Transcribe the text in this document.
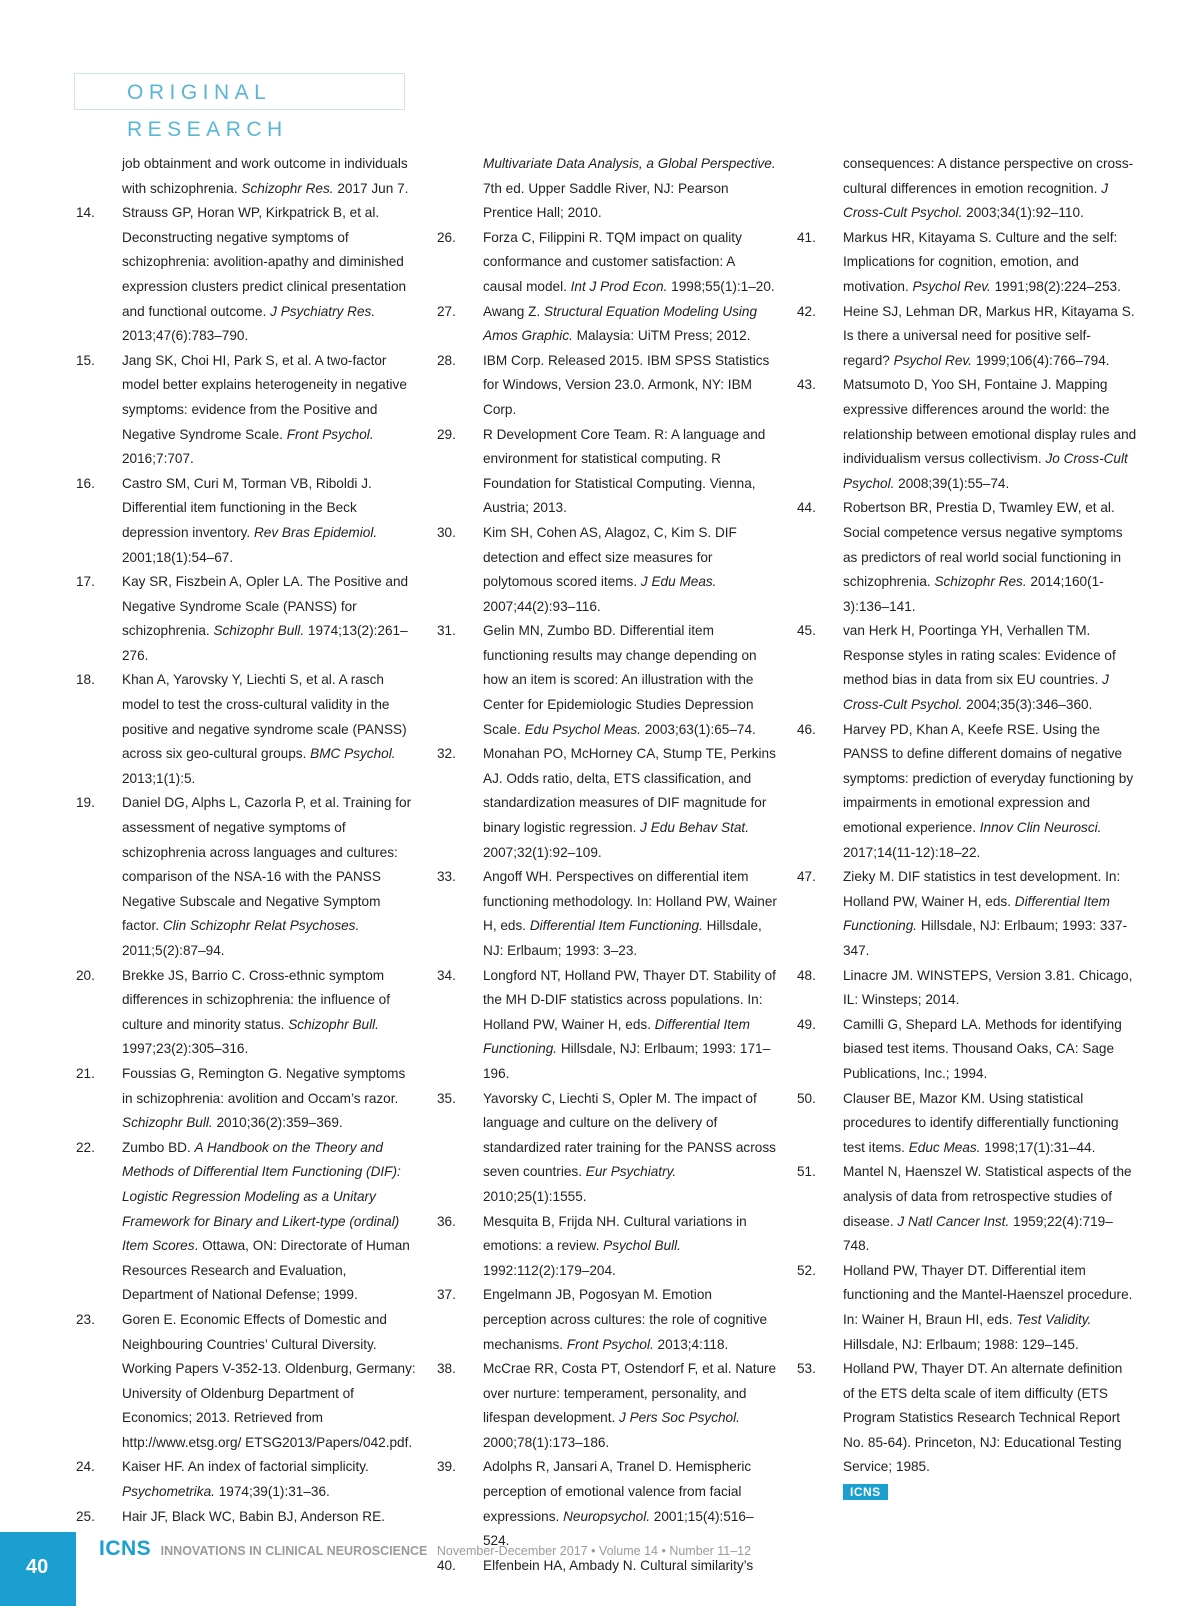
ORIGINAL RESEARCH

job obtainment and work outcome in individuals with schizophrenia. Schizophr Res. 2017 Jun 7.

14.	Strauss GP, Horan WP, Kirkpatrick B, et al. Deconstructing negative symptoms of schizophrenia: avolition-apathy and diminished expression clusters predict clinical presentation and functional outcome. J Psychiatry Res. 2013;47(6):783–790.

15.	Jang SK, Choi HI, Park S, et al. A two-factor model better explains heterogeneity in negative symptoms: evidence from the Positive and Negative Syndrome Scale. Front Psychol. 2016;7:707.

16.	Castro SM, Curi M, Torman VB, Riboldi J. Differential item functioning in the Beck depression inventory. Rev Bras Epidemiol. 2001;18(1):54–67.

17.	Kay SR, Fiszbein A, Opler LA. The Positive and Negative Syndrome Scale (PANSS) for schizophrenia. Schizophr Bull. 1974;13(2):261–276.

18.	Khan A, Yarovsky Y, Liechti S, et al. A rasch model to test the cross-cultural validity in the positive and negative syndrome scale (PANSS) across six geo-cultural groups. BMC Psychol. 2013;1(1):5.

19.	Daniel DG, Alphs L, Cazorla P, et al. Training for assessment of negative symptoms of schizophrenia across languages and cultures: comparison of the NSA-16 with the PANSS Negative Subscale and Negative Symptom factor. Clin Schizophr Relat Psychoses. 2011;5(2):87–94.

20.	Brekke JS, Barrio C. Cross-ethnic symptom differences in schizophrenia: the influence of culture and minority status. Schizophr Bull. 1997;23(2):305–316.

21.	Foussias G, Remington G. Negative symptoms in schizophrenia: avolition and Occam’s razor. Schizophr Bull. 2010;36(2):359–369.

22.	Zumbo BD. A Handbook on the Theory and Methods of Differential Item Functioning (DIF): Logistic Regression Modeling as a Unitary Framework for Binary and Likert-type (ordinal) Item Scores. Ottawa, ON: Directorate of Human Resources Research and Evaluation, Department of National Defense; 1999.

23.	Goren E. Economic Effects of Domestic and Neighbouring Countries’ Cultural Diversity. Working Papers V-352-13. Oldenburg, Germany: University of Oldenburg Department of Economics; 2013. Retrieved from http://www.etsg.org/ ETSG2013/Papers/042.pdf.

24.	Kaiser HF. An index of factorial simplicity. Psychometrika. 1974;39(1):31–36.

25.	Hair JF, Black WC, Babin BJ, Anderson RE.

Multivariate Data Analysis, a Global Perspective. 7th ed. Upper Saddle River, NJ: Pearson Prentice Hall; 2010.

26.	Forza C, Filippini R. TQM impact on quality conformance and customer satisfaction: A causal model. Int J Prod Econ. 1998;55(1):1–20.

27.	Awang Z. Structural Equation Modeling Using Amos Graphic. Malaysia: UiTM Press; 2012.

28.	IBM Corp. Released 2015. IBM SPSS Statistics for Windows, Version 23.0. Armonk, NY: IBM Corp.

29.	R Development Core Team. R: A language and environment for statistical computing. R Foundation for Statistical Computing. Vienna, Austria; 2013.

30.	Kim SH, Cohen AS, Alagoz, C, Kim S. DIF detection and effect size measures for polytomous scored items. J Edu Meas. 2007;44(2):93–116.

31.	Gelin MN, Zumbo BD. Differential item functioning results may change depending on how an item is scored: An illustration with the Center for Epidemiologic Studies Depression Scale. Edu Psychol Meas. 2003;63(1):65–74.

32.	Monahan PO, McHorney CA, Stump TE, Perkins AJ. Odds ratio, delta, ETS classification, and standardization measures of DIF magnitude for binary logistic regression. J Edu Behav Stat. 2007;32(1):92–109.

33.	Angoff WH. Perspectives on differential item functioning methodology. In: Holland PW, Wainer H, eds. Differential Item Functioning. Hillsdale, NJ: Erlbaum; 1993: 3–23.

34.	Longford NT, Holland PW, Thayer DT. Stability of the MH D-DIF statistics across populations. In: Holland PW, Wainer H, eds. Differential Item Functioning. Hillsdale, NJ: Erlbaum; 1993: 171–196.

35.	Yavorsky C, Liechti S, Opler M. The impact of language and culture on the delivery of standardized rater training for the PANSS across seven countries. Eur Psychiatry. 2010;25(1):1555.

36.	Mesquita B, Frijda NH. Cultural variations in emotions: a review. Psychol Bull. 1992:112(2):179–204.

37.	Engelmann JB, Pogosyan M. Emotion perception across cultures: the role of cognitive mechanisms. Front Psychol. 2013;4:118.

38.	McCrae RR, Costa PT, Ostendorf F, et al. Nature over nurture: temperament, personality, and lifespan development. J Pers Soc Psychol. 2000;78(1):173–186.

39.	Adolphs R, Jansari A, Tranel D. Hemispheric perception of emotional valence from facial expressions. Neuropsychol. 2001;15(4):516–524.

40.	Elfenbein HA, Ambady N. Cultural similarity’s

consequences: A distance perspective on cross-cultural differences in emotion recognition. J Cross-Cult Psychol. 2003;34(1):92–110.

41.	Markus HR, Kitayama S. Culture and the self: Implications for cognition, emotion, and motivation. Psychol Rev. 1991;98(2):224–253.

42.	Heine SJ, Lehman DR, Markus HR, Kitayama S. Is there a universal need for positive self-regard? Psychol Rev. 1999;106(4):766–794.

43.	Matsumoto D, Yoo SH, Fontaine J. Mapping expressive differences around the world: the relationship between emotional display rules and individualism versus collectivism. Jo Cross-Cult Psychol. 2008;39(1):55–74.

44.	Robertson BR, Prestia D, Twamley EW, et al. Social competence versus negative symptoms as predictors of real world social functioning in schizophrenia. Schizophr Res. 2014;160(1-3):136–141.

45.	van Herk H, Poortinga YH, Verhallen TM. Response styles in rating scales: Evidence of method bias in data from six EU countries. J Cross-Cult Psychol. 2004;35(3):346–360.

46.	Harvey PD, Khan A, Keefe RSE. Using the PANSS to define different domains of negative symptoms: prediction of everyday functioning by impairments in emotional expression and emotional experience. Innov Clin Neurosci. 2017;14(11-12):18–22.

47.	Zieky M. DIF statistics in test development. In: Holland PW, Wainer H, eds. Differential Item Functioning. Hillsdale, NJ: Erlbaum; 1993: 337-347.

48.	Linacre JM. WINSTEPS, Version 3.81. Chicago, IL: Winsteps; 2014.

49.	Camilli G, Shepard LA. Methods for identifying biased test items. Thousand Oaks, CA: Sage Publications, Inc.; 1994.

50.	Clauser BE, Mazor KM. Using statistical procedures to identify differentially functioning test items. Educ Meas. 1998;17(1):31–44.

51.	Mantel N, Haenszel W. Statistical aspects of the analysis of data from retrospective studies of disease. J Natl Cancer Inst. 1959;22(4):719–748.

52.	Holland PW, Thayer DT. Differential item functioning and the Mantel-Haenszel procedure. In: Wainer H, Braun HI, eds. Test Validity. Hillsdale, NJ: Erlbaum; 1988: 129–145.

53.	Holland PW, Thayer DT. An alternate definition of the ETS delta scale of item difficulty (ETS Program Statistics Research Technical Report No. 85-64). Princeton, NJ: Educational Testing Service; 1985.

ICNS
ICNS INNOVATIONS IN CLINICAL NEUROSCIENCE November-December 2017 • Volume 14 • Number 11–12
40
